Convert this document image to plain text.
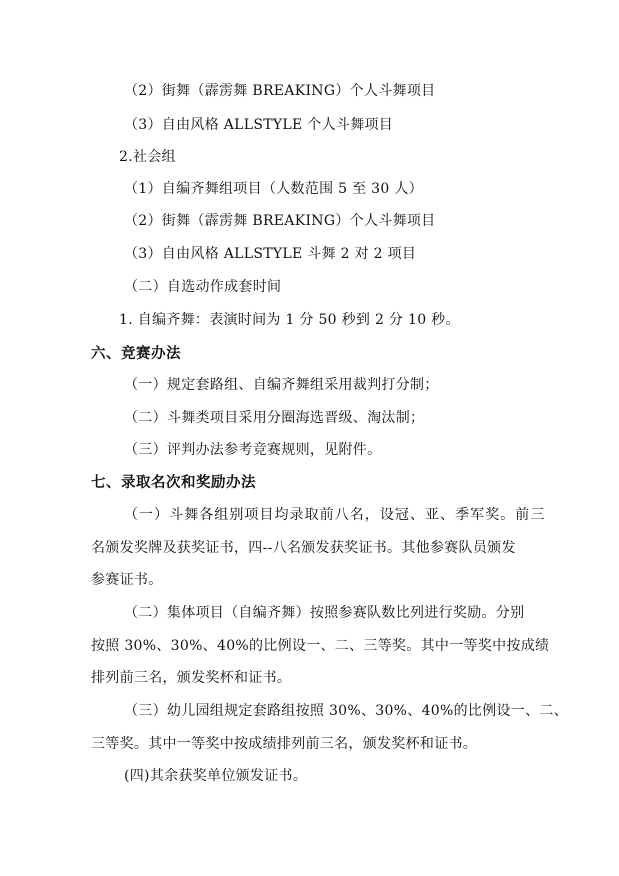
（2）街舞（霹雳舞 BREAKING）个人斗舞项目
（3）自由风格 ALLSTYLE 个人斗舞项目
2.社会组
（1）自编齐舞组项目（人数范围 5 至 30 人）
（2）街舞（霹雳舞 BREAKING）个人斗舞项目
（3）自由风格 ALLSTYLE 斗舞 2 对 2 项目
（二）自选动作成套时间
1. 自编齐舞：表演时间为 1 分 50 秒到 2 分 10 秒。
六、竞赛办法
（一）规定套路组、自编齐舞组采用裁判打分制；
（二）斗舞类项目采用分圈海选晋级、淘汰制；
（三）评判办法参考竞赛规则，见附件。
七、录取名次和奖励办法
（一）斗舞各组别项目均录取前八名，设冠、亚、季军奖。前三
名颁发奖牌及获奖证书，四--八名颁发获奖证书。其他参赛队员颁发
参赛证书。
（二）集体项目（自编齐舞）按照参赛队数比列进行奖励。分别
按照 30%、30%、40%的比例设一、二、三等奖。其中一等奖中按成绩
排列前三名，颁发奖杯和证书。
（三）幼儿园组规定套路组按照 30%、30%、40%的比例设一、二、
三等奖。其中一等奖中按成绩排列前三名，颁发奖杯和证书。
(四)其余获奖单位颁发证书。
